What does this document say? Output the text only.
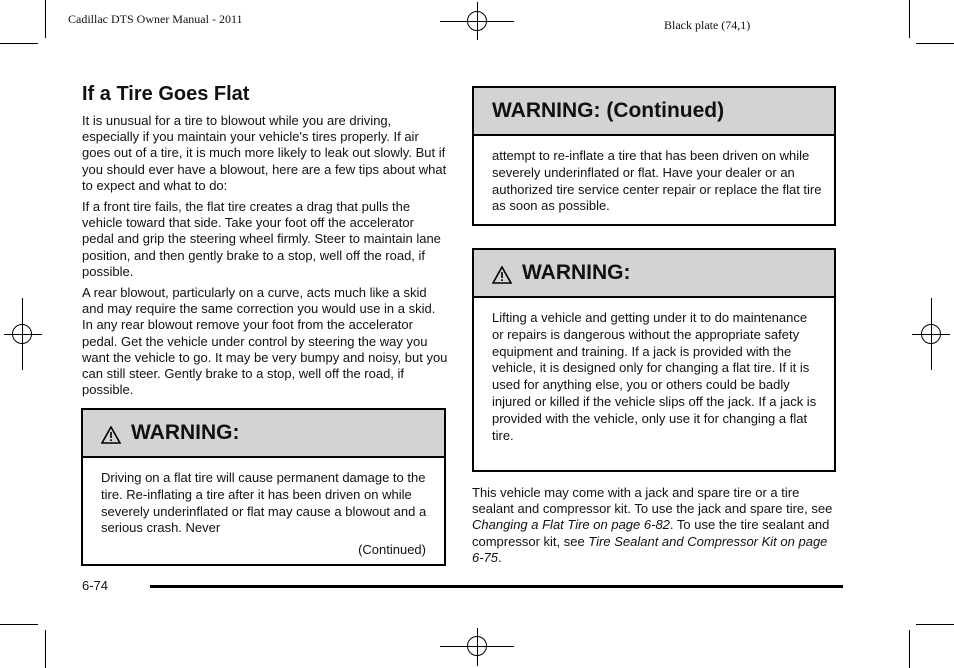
Cadillac DTS Owner Manual - 2011	Black plate (74,1)
If a Tire Goes Flat

It is unusual for a tire to blowout while you are driving, especially if you maintain your vehicle's tires properly. If air goes out of a tire, it is much more likely to leak out slowly. But if you should ever have a blowout, here are a few tips about what to expect and what to do:

If a front tire fails, the flat tire creates a drag that pulls the vehicle toward that side. Take your foot off the accelerator pedal and grip the steering wheel firmly. Steer to maintain lane position, and then gently brake to a stop, well off the road, if possible.

A rear blowout, particularly on a curve, acts much like a skid and may require the same correction you would use in a skid. In any rear blowout remove your foot from the accelerator pedal. Get the vehicle under control by steering the way you want the vehicle to go. It may be very bumpy and noisy, but you can still steer. Gently brake to a stop, well off the road, if possible.

WARNING:

Driving on a flat tire will cause permanent damage to the tire. Re-inflating a tire after it has been driven on while severely underinflated or flat may cause a blowout and a serious crash. Never

(Continued)
WARNING: (Continued)

attempt to re-inflate a tire that has been driven on while severely underinflated or flat. Have your dealer or an authorized tire service center repair or replace the flat tire as soon as possible.

WARNING:

Lifting a vehicle and getting under it to do maintenance or repairs is dangerous without the appropriate safety equipment and training. If a jack is provided with the vehicle, it is designed only for changing a flat tire. If it is used for anything else, you or others could be badly injured or killed if the vehicle slips off the jack. If a jack is provided with the vehicle, only use it for changing a flat tire.

This vehicle may come with a jack and spare tire or a tire sealant and compressor kit. To use the jack and spare tire, see Changing a Flat Tire on page 6-82. To use the tire sealant and compressor kit, see Tire Sealant and Compressor Kit on page 6-75.

6-74
